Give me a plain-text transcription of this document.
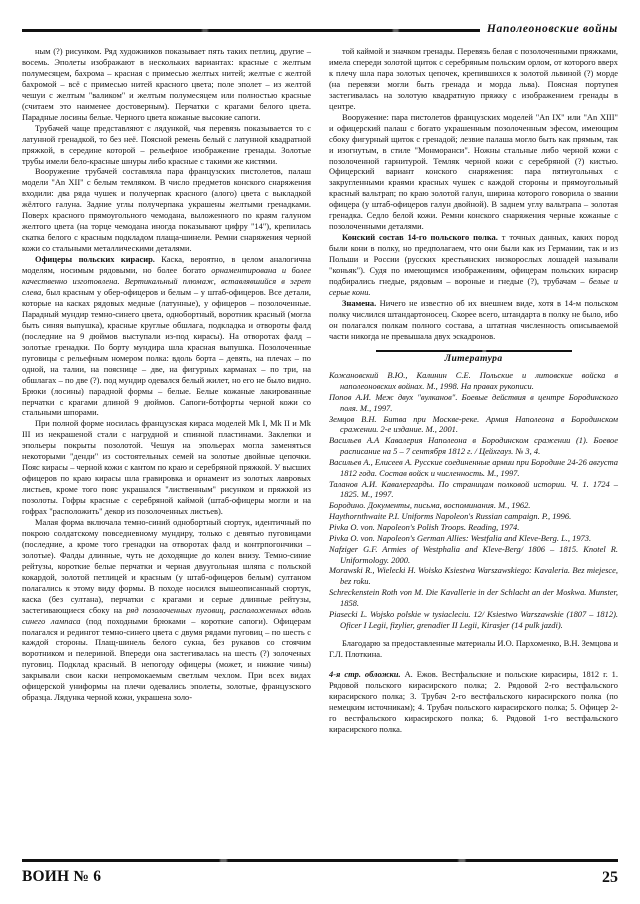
Наполеоновские войны

ным (?) рисунком. Ряд художников показывает пять таких петлиц, другие – восемь. Эполеты изображают в нескольких вариантах: красные с желтым полумесяцем, бахрома – красная с примесью желтых нитей; желтые с желтой бахромой – всё с примесью нитей красного цвета; поле эполет – из желтой чешуи с желтым "валиком" и желтым полумесяцем или полностью красные (считаем это наименее достоверным). Перчатки с крагами белого цвета. Парадные лосины белые. Черного цвета кожаные высокие сапоги.

Трубачей чаще представляют с лядункой, чья перевязь показывается то с латунной гренадкой, то без неё. Поясной ремень белый с латунной квадратной пряжкой, в середине которой – рельефное изображение гренады. Золотые трубы имели бело-красные шнуры либо красные с такими же кистями.

Вооружение трубачей составляла пара французских пистолетов, палаш модели "An XII" с белым темляком. В число предметов конского снаряжения входили: два ряда чушек и получерпак красного (алого) цвета с выкладкой жёлтого галуна. Задние углы получерпака украшены желтыми гренадками. Поверх красного прямоугольного чемодана, выложенного по краям галуном желтого цвета (на торце чемодана иногда показывают цифру "14"), крепилась скатка белого с красным подкладом плаща-шинели. Ремни снаряжения черной кожи со стальными металлическими деталями.

Офицеры польских кирасир. Каска, вероятно, в целом аналогична моделям, носимым рядовыми, но более богато орнаментирована и более качественно изготовлена. Вертикальный плюмаж, вставлявшийся в эгрет слева, был красным у обер-офицеров и белым – у штаб-офицеров. Все детали, которые на касках рядовых медные (латунные), у офицеров – позолоченные. Парадный мундир темно-синего цвета, однобортный, воротник красный (могла быть синяя выпушка), красные круглые обшлага, подкладка и отвороты фалд (последние на 9 дюймов выступали из-под кирасы). На отворотах фалд – золотые гренадки. По борту мундира шла красная выпушка. Позолоченные пуговицы с рельефным номером полка: вдоль борта – девять, на плечах – по одной, на талии, на пояснице – две, на фигурных карманах – по три, на обшлагах – по две (?). под мундир одевался белый жилет, но его не было видно. Брюки (лосины) парадной формы – белые. Белые кожаные лакированные перчатки с крагами длиной 9 дюймов. Сапоги-ботфорты черной кожи со стальными шпорами.

При полной форме носилась французская кираса моделей Mk I, Mk II и Mk III из некрашеной стали с нагрудной и спинной пластинами. Заклепки и эпольеры покрыты позолотой. Чешуя на эпольерах могла заменяться некоторыми "денди" из состоятельных семей на золотые двойные цепочки. Пояс кирасы – черной кожи с кантом по краю и серебряной пряжкой. У высших офицеров по краю кирасы шла гравировка и орнамент из золотых лавровых листьев, кроме того пояс украшался "лиственным" рисунком и пряжкой из позолоты. Гофры красные с серебряной каймой (штаб-офицеры могли и на гофрах "расположить" декор из позолоченных листьев).

Малая форма включала темно-синий однобортный сюртук, идентичный по покрою солдатскому повседневному мундиру, только с девятью пуговицами (последние, а кроме того гренадки на отворотах фалд и контрпогончики – золотые). Фалды длинные, чуть не доходящие до колен внизу. Темно-синие рейтузы, короткие белые перчатки и черная двуугольная шляпа с польской кокардой, золотой петлицей и красным (у штаб-офицеров белым) султаном полагались к этому виду формы. В походе носился вышеописанный сюртук, каска (без султана), перчатки с крагами и серые длинные рейтузы, застегивающиеся сбоку на ряд позолоченных пуговиц, расположенных вдоль синего лампаса (под походными брюками – короткие сапоги). Офицерам полагался и редингот темно-синего цвета с двумя рядами пуговиц – по шесть с каждой стороны. Плащ-шинель белого сукна, без рукавов со стоячим воротником и пелериной. Впереди она застегивалась на шесть (?) золоченых пуговиц. Подклад красный. В непогоду офицеры (может, и нижние чины) закрывали свои каски непромокаемым светлым чехлом. При всех видах офицерской униформы на плечи одевались эполеты, золотые, французского образца. Лядунка черной кожи, украшена золо-

той каймой и значком гренады. Перевязь белая с позолоченными пряжками, имела спереди золотой щиток с серебряным польским орлом, от которого вверх к плечу шла пара золотых цепочек, крепившихся к золотой львиной (?) морде (на перевязи могли быть гренада и морда льва). Поясная портупея застегивалась на золотую квадратную пряжку с изображением гренады в центре.

Вооружение: пара пистолетов французских моделей "An IX" или "An XIII" и офицерский палаш с богато украшенным позолоченным эфесом, имеющим сбоку фигурный щиток с гренадой; лезвие палаша могло быть как прямым, так и изогнутым, в стиле "Монморанси". Ножны стальные либо черной кожи с позолоченной гарнитурой. Темляк черной кожи с серебряной (?) кистью. Офицерский вариант конского снаряжения: пара пятиугольных с закругленными краями красных чушек с каждой стороны и прямоугольный красный вальтрап; по краю золотой галун, ширина которого говорила о звании офицера (у штаб-офицеров галун двойной). В заднем углу вальтрапа – золотая гренадка. Седло белой кожи. Ремни конского снаряжения черные кожаные с позолоченными деталями.

Конский состав 14-го польского полка. т точных данных, каких пород были кони в полку, но предполагаем, что они были как из Германии, так и из Польши и России (русских крестьянских низкорослых лошадей называли "коньяк"). Судя по имеющимся изображениям, офицерам польских кирасир подбирались гнедые, рядовым – вороные и гнедые (?), трубачам – белые и серые кони.

Знамена. Ничего не известно об их внешнем виде, хотя в 14-м польском полку числился штандартоносец. Скорее всего, штандарта в полку не было, ибо он полагался полкам полного состава, а штатная численность описываемой части никогда не превышала двух эскадронов.

Литература

Кожановский В.Ю., Калинин С.Е. Польские и литовские войска в наполеоновских войнах. М., 1998. На правах рукописи.

Попов А.И. Меж двух "вулканов". Боевые действия в центре Бородинского поля. М., 1997.

Земцов В.Н. Битва при Москве-реке. Армия Наполеона в Бородинском сражении. 2-е издание. М., 2001.

Васильев А.А Кавалерия Наполеона в Бородинском сражении (1). Боевое расписание на 5 – 7 сентября 1812 г. / Цейхгауз. № 3, 4.

Васильев А., Елисеев А. Русские соединенные армии при Бородине 24-26 августа 1812 года. Состав войск и численность. М., 1997.

Таланов А.И. Кавалергарды. По страницам полковой истории. Ч. 1. 1724 – 1825. М., 1997.

Бородино. Документы, письма, воспоминания. М., 1962.

Haythornthwaite P.I. Uniforms Napoleon's Russian campaign. P., 1996.

Pivka O. von. Napoleon's Polish Troops. Reading, 1974.

Pivka O. von. Napoleon's German Allies: Westfalia and Kleve-Berg. L., 1973.

Nafziger G.F. Armies of Westphalia and Kleve-Berg/ 1806 – 1815. Knotel R. Uniformology. 2000.

Morawski R., Wielecki H. Woisko Ksiestwa Warszawskiego: Kavaleria. Bez miejesce, bez roku.

Schreckenstein Roth von M. Die Kavallerie in der Schlacht an der Moskwa. Munster, 1858.

Piasecki L. Wojsko polskie w tysiacleciu. 12/ Ksiestwo Warszawskie (1807 – 1812). Oficer I Legii, fizylier, grenadier II Legii, Kirasjer (14 pulk jazdi).

Благодарю за предоставленные материалы И.О. Пархоменко, В.Н. Земцова и Г.Л. Плоткина.
4-я стр. обложки. А. Ежов. Вестфальские и польские кирасиры, 1812 г. 1. Рядовой польского кирасирского полка; 2. Рядовой 2-го вестфальского кирасирского полка; 3. Трубач 2-го вестфальского кирасирского полка (по немецким источникам); 4. Трубач польского кирасирского полка; 5. Офицер 2-го вестфальского кирасирского полка; 6. Рядовой 1-го вестфальского кирасирского полка.
ВОИН № 6	25
